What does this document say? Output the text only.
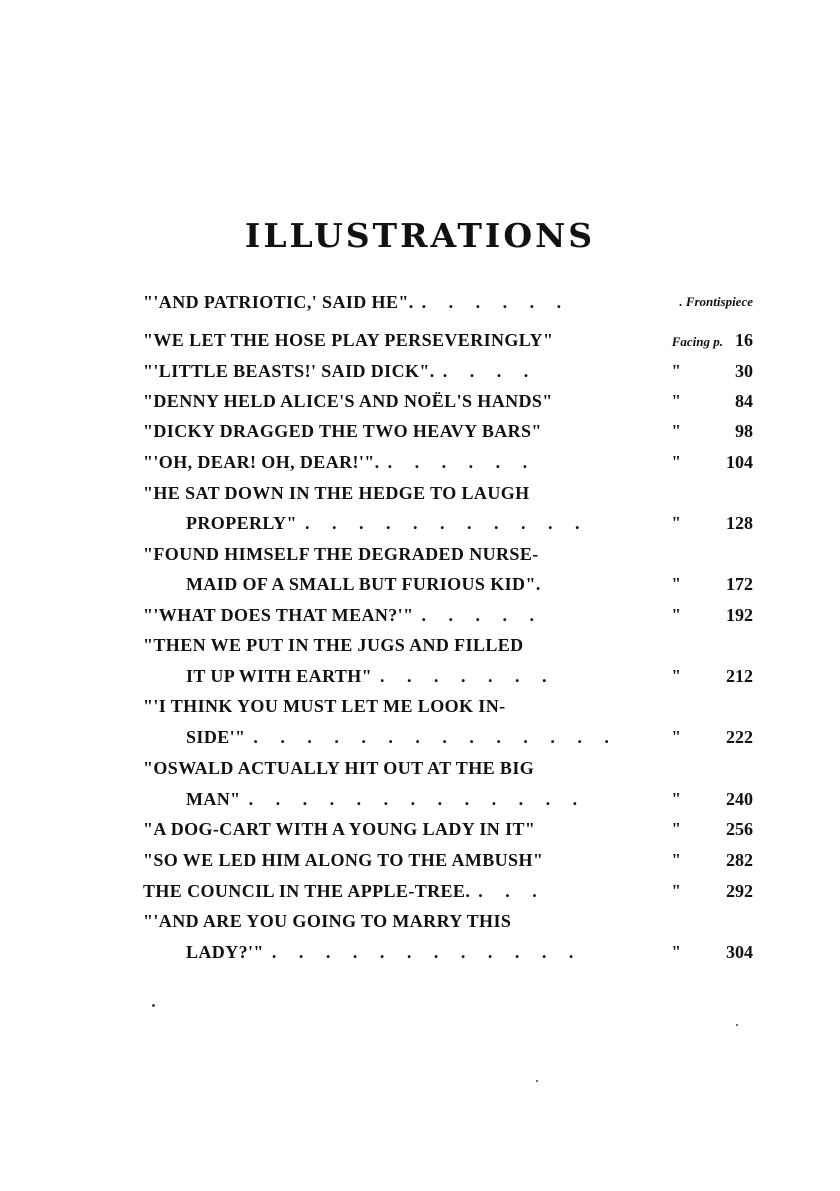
ILLUSTRATIONS
"'AND PATRIOTIC,' SAID HE". . . . . . .	. Frontispiece
"WE LET THE HOSE PLAY PERSEVERINGLY"	Facing p. 16
"'LITTLE BEASTS!' SAID DICK". . . . .	"	30
"DENNY HELD ALICE'S AND NOËL'S HANDS"	"	84
"DICKY DRAGGED THE TWO HEAVY BARS"	"	98
"'OH, DEAR! OH, DEAR!'". . . . . . .	"	104
"HE SAT DOWN IN THE HEDGE TO LAUGH
PROPERLY" . . . . . . . . . . .	"	128
"FOUND HIMSELF THE DEGRADED NURSE-
MAID OF A SMALL BUT FURIOUS KID".	"	172
"'WHAT DOES THAT MEAN?'" . . . . .	"	192
"THEN WE PUT IN THE JUGS AND FILLED
IT UP WITH EARTH" . . . . . . .	"	212
"'I THINK YOU MUST LET ME LOOK IN-
SIDE'" . . . . . . . . . . . . . .	"	222
"OSWALD ACTUALLY HIT OUT AT THE BIG
MAN" . . . . . . . . . . . . .	"	240
"A DOG-CART WITH A YOUNG LADY IN IT"	"	256
"SO WE LED HIM ALONG TO THE AMBUSH"	"	282
THE COUNCIL IN THE APPLE-TREE. . . .	"	292
"'AND ARE YOU GOING TO MARRY THIS
LADY?'" . . . . . . . . . . . .	"	304
